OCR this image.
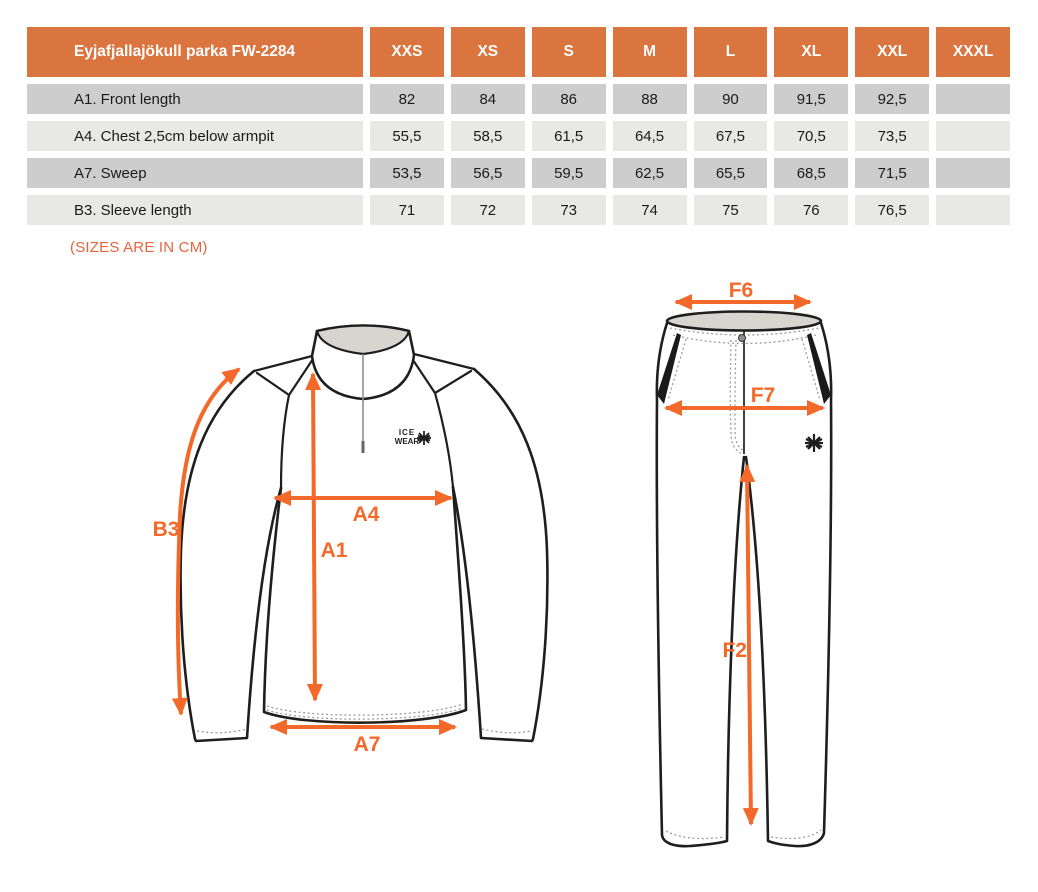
Eyjafjallajökull parka FW-2284	XXS	XS	S	M	L	XL	XXL	XXXL
A1. Front length	82	84	86	88	90	91,5	92,5
A4. Chest 2,5cm below armpit	55,5	58,5	61,5	64,5	67,5	70,5	73,5
A7. Sweep	53,5	56,5	59,5	62,5	65,5	68,5	71,5
B3. Sleeve length	71	72	73	74	75	76	76,5
(SIZES ARE IN CM)
ICE
WEAR
B3
A4
A1
A7
F6
F7
F2
